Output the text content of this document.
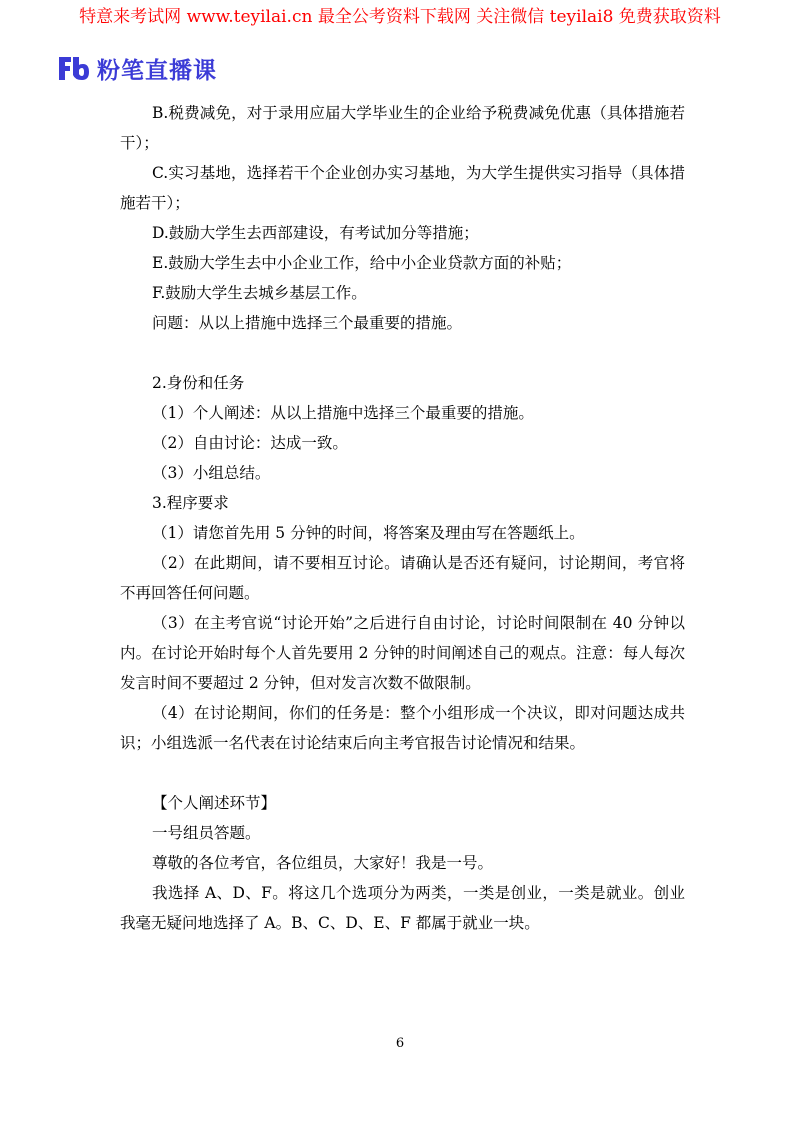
特意来考试网 www.teyilai.cn 最全公考资料下载网 关注微信 teyilai8 免费获取资料
粉笔直播课

B.税费减免，对于录用应届大学毕业生的企业给予税费减免优惠（具体措施若干）；

C.实习基地，选择若干个企业创办实习基地，为大学生提供实习指导（具体措施若干）；

D.鼓励大学生去西部建设，有考试加分等措施；

E.鼓励大学生去中小企业工作，给中小企业贷款方面的补贴；

F.鼓励大学生去城乡基层工作。

问题：从以上措施中选择三个最重要的措施。

2.身份和任务

（1）个人阐述：从以上措施中选择三个最重要的措施。

（2）自由讨论：达成一致。

（3）小组总结。

3.程序要求

（1）请您首先用 5 分钟的时间，将答案及理由写在答题纸上。

（2）在此期间，请不要相互讨论。请确认是否还有疑问，讨论期间，考官将不再回答任何问题。

（3）在主考官说“讨论开始”之后进行自由讨论，讨论时间限制在 40 分钟以内。在讨论开始时每个人首先要用 2 分钟的时间阐述自己的观点。注意：每人每次发言时间不要超过 2 分钟，但对发言次数不做限制。

（4）在讨论期间，你们的任务是：整个小组形成一个决议，即对问题达成共识；小组选派一名代表在讨论结束后向主考官报告讨论情况和结果。

【个人阐述环节】

一号组员答题。

尊敬的各位考官，各位组员，大家好！我是一号。

我选择 A、D、F。将这几个选项分为两类，一类是创业，一类是就业。创业我毫无疑问地选择了 A。B、C、D、E、F 都属于就业一块。

6
